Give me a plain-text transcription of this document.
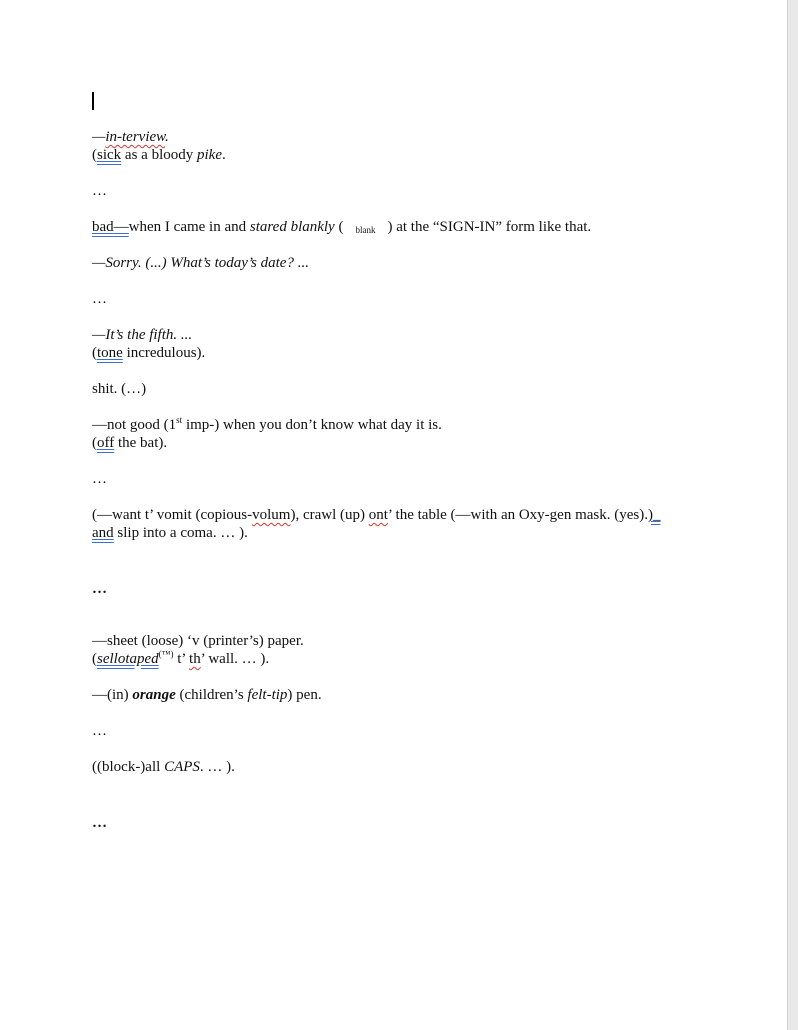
—in-terview.
(sick as a bloody pike.
…
bad—when I came in and stared blankly ( blank ) at the “SIGN-IN” form like that.
—Sorry. (...) What’s today’s date? ...
…
—It’s the fifth. ...
(tone incredulous).
shit. (…)
—not good (1st imp-) when you don’t know what day it is.
(off the bat).
…
(—want t’ vomit (copious-volum), crawl (up) ont’ the table (—with an Oxy-gen mask. (yes).)_
and slip into a coma. … ).
…
—sheet (loose) ‘v (printer’s) paper.
(sellotaped(™) t’ th’ wall. … ).
—(in) orange (children’s felt-tip) pen.
…
((block-)all CAPS. … ).
…
